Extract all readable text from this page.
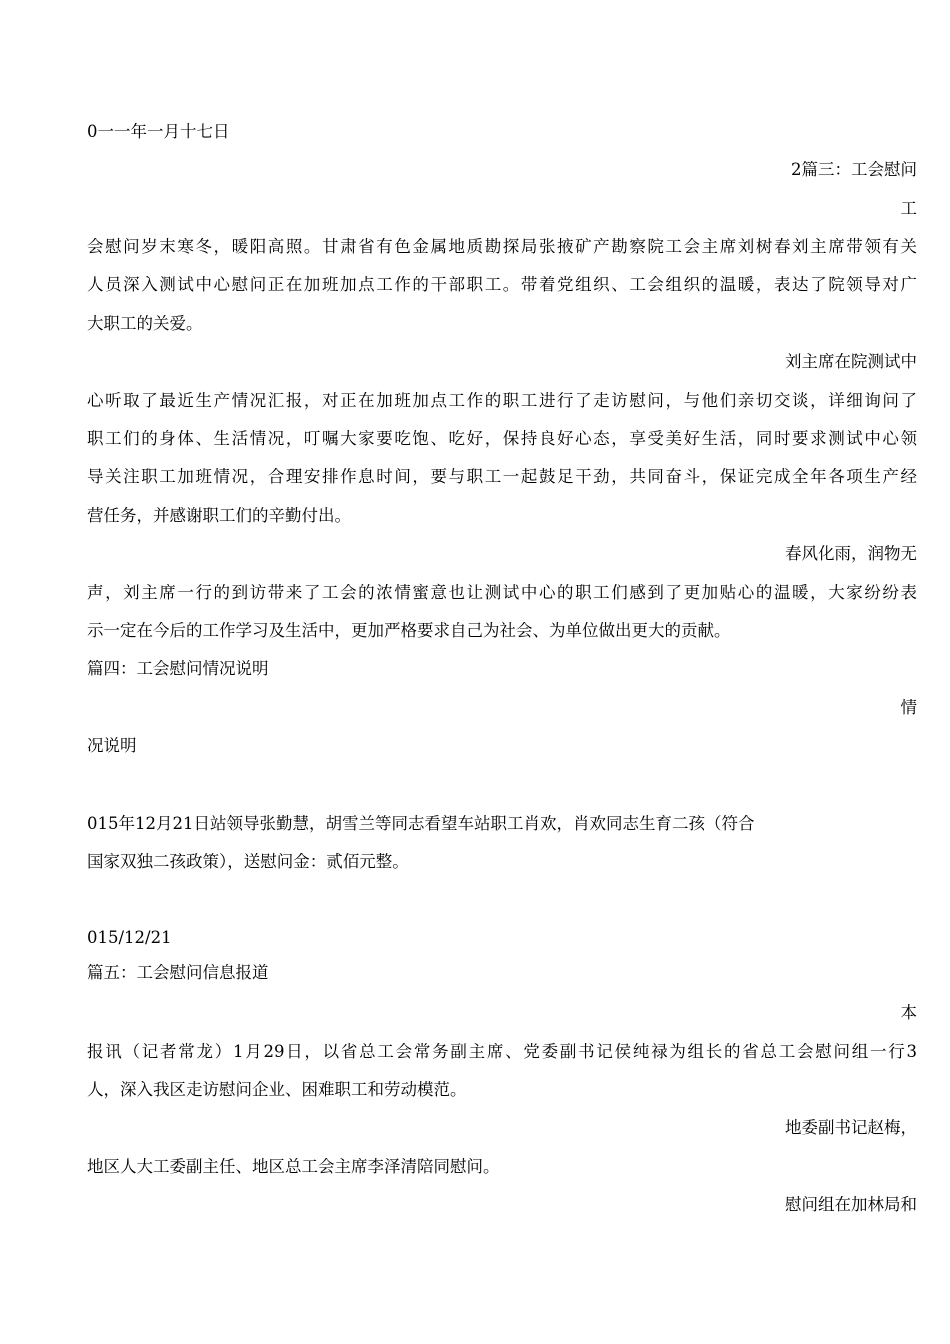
0一一年一月十七日
2篇三：工会慰问
工
会慰问岁末寒冬，暖阳高照。甘肃省有色金属地质勘探局张掖矿产勘察院工会主席刘树春刘主席带领有关
人员深入测试中心慰问正在加班加点工作的干部职工。带着党组织、工会组织的温暖，表达了院领导对广
大职工的关爱。
刘主席在院测试中
心听取了最近生产情况汇报，对正在加班加点工作的职工进行了走访慰问，与他们亲切交谈，详细询问了
职工们的身体、生活情况，叮嘱大家要吃饱、吃好，保持良好心态，享受美好生活，同时要求测试中心领
导关注职工加班情况，合理安排作息时间，要与职工一起鼓足干劲，共同奋斗，保证完成全年各项生产经
营任务，并感谢职工们的辛勤付出。
春风化雨，润物无
声，刘主席一行的到访带来了工会的浓情蜜意也让测试中心的职工们感到了更加贴心的温暖，大家纷纷表
示一定在今后的工作学习及生活中，更加严格要求自己为社会、为单位做出更大的贡献。
篇四：工会慰问情况说明
情
况说明
015年12月21日站领导张勤慧，胡雪兰等同志看望车站职工肖欢，肖欢同志生育二孩（符合
国家双独二孩政策），送慰问金：贰佰元整。
015/12/21
篇五：工会慰问信息报道
本
报讯（记者常龙）1月29日，以省总工会常务副主席、党委副书记侯纯禄为组长的省总工会慰问组一行3
人，深入我区走访慰问企业、困难职工和劳动模范。
地委副书记赵梅，
地区人大工委副主任、地区总工会主席李泽清陪同慰问。
慰问组在加林局和
